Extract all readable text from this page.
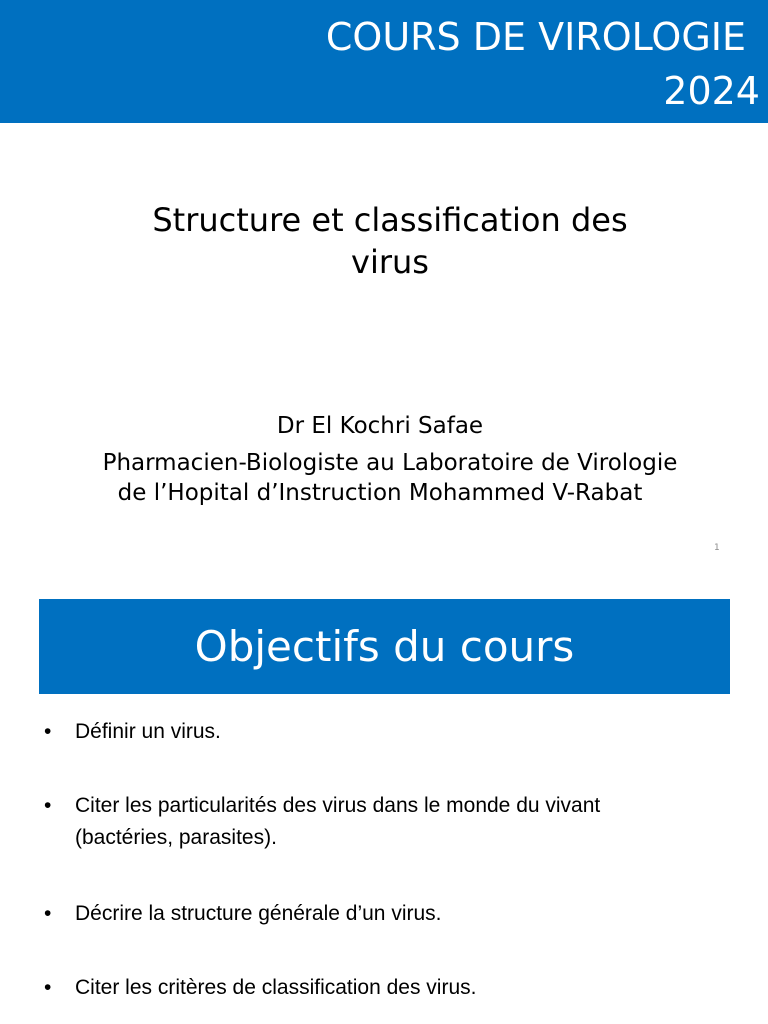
COURS DE VIROLOGIE
2024
Structure et classification des
virus
Dr El Kochri Safae
Pharmacien-Biologiste au Laboratoire de Virologie
de l’Hopital d’Instruction Mohammed V-Rabat
1
Objectifs du cours
•	Définir un virus.
•	Citer les particularités des virus dans le monde du vivant
(bactéries, parasites).
•	Décrire la structure générale d’un virus.
•	Citer les critères de classification des virus.
